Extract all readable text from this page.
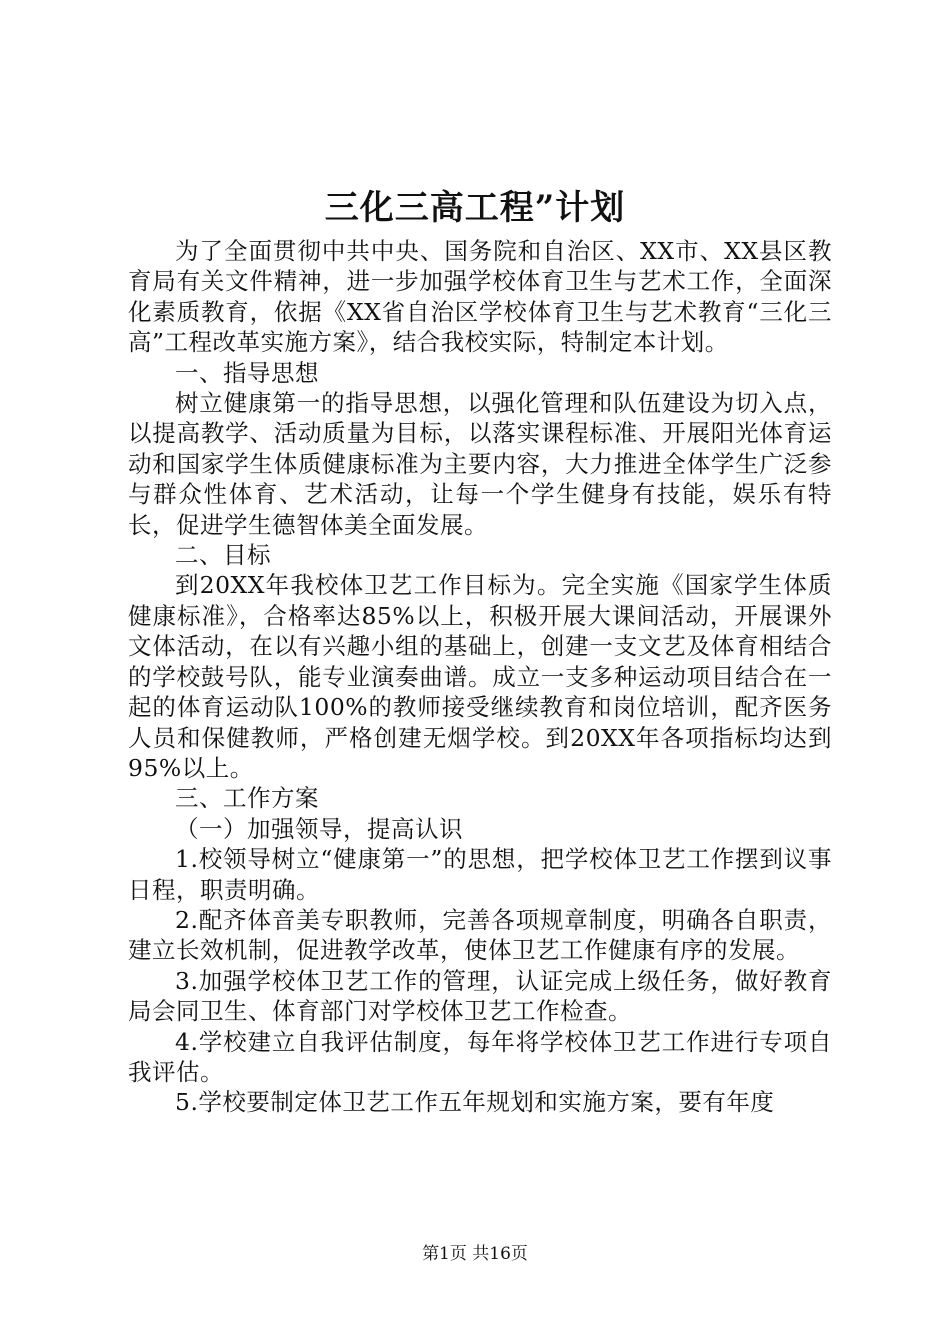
三化三高工程”计划

为了全面贯彻中共中央、国务院和自治区、XX市、XX县区教育局有关文件精神，进一步加强学校体育卫生与艺术工作，全面深化素质教育，依据《XX省自治区学校体育卫生与艺术教育“三化三高”工程改革实施方案》，结合我校实际，特制定本计划。

一、指导思想

树立健康第一的指导思想，以强化管理和队伍建设为切入点，以提高教学、活动质量为目标，以落实课程标准、开展阳光体育运动和国家学生体质健康标准为主要内容，大力推进全体学生广泛参与群众性体育、艺术活动，让每一个学生健身有技能，娱乐有特长，促进学生德智体美全面发展。

二、目标

到20XX年我校体卫艺工作目标为。完全实施《国家学生体质健康标准》，合格率达85%以上，积极开展大课间活动，开展课外文体活动，在以有兴趣小组的基础上，创建一支文艺及体育相结合的学校鼓号队，能专业演奏曲谱。成立一支多种运动项目结合在一起的体育运动队100%的教师接受继续教育和岗位培训，配齐医务人员和保健教师，严格创建无烟学校。到20XX年各项指标均达到95%以上。

三、工作方案

（一）加强领导，提高认识

1.校领导树立“健康第一”的思想，把学校体卫艺工作摆到议事日程，职责明确。

2.配齐体音美专职教师，完善各项规章制度，明确各自职责，建立长效机制，促进教学改革，使体卫艺工作健康有序的发展。

3.加强学校体卫艺工作的管理，认证完成上级任务，做好教育局会同卫生、体育部门对学校体卫艺工作检查。

4.学校建立自我评估制度，每年将学校体卫艺工作进行专项自我评估。

5.学校要制定体卫艺工作五年规划和实施方案，要有年度

第1页 共16页
